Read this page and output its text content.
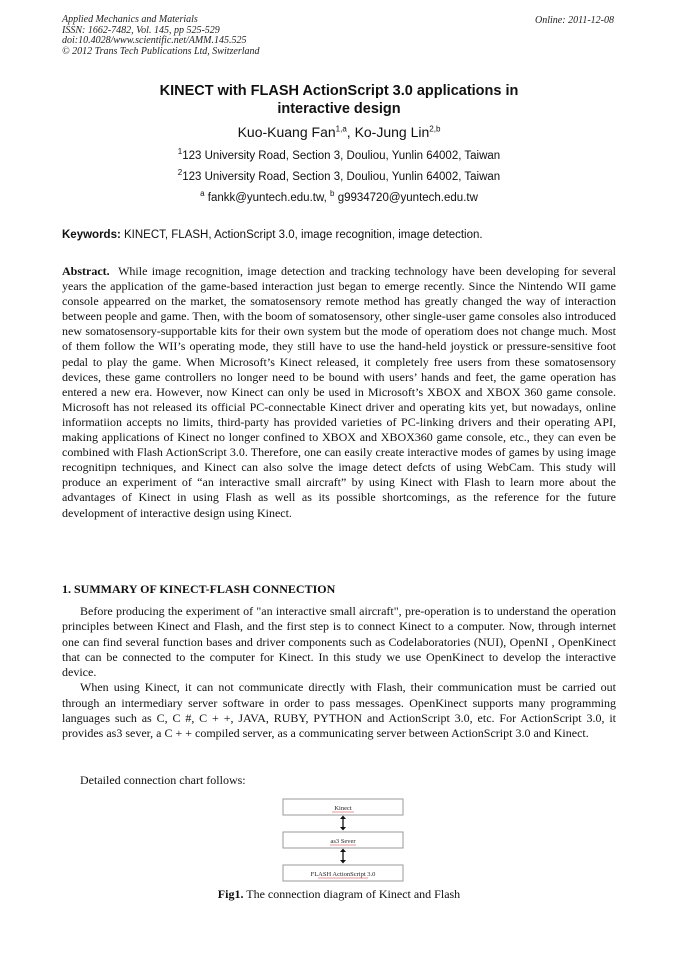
Applied Mechanics and Materials
ISSN: 1662-7482, Vol. 145, pp 525-529
doi:10.4028/www.scientific.net/AMM.145.525
© 2012 Trans Tech Publications Ltd, Switzerland
Online: 2011-12-08
KINECT with FLASH ActionScript 3.0 applications in
interactive design
Kuo-Kuang Fan$^{1,a}$, Ko-Jung Lin$^{2,b}$
$^1$123 University Road, Section 3, Douliou, Yunlin 64002, Taiwan
$^2$123 University Road, Section 3, Douliou, Yunlin 64002, Taiwan
$^a$ fankk@yuntech.edu.tw, $^b$ g9934720@yuntech.edu.tw
Keywords: KINECT, FLASH, ActionScript 3.0, image recognition, image detection.
Abstract. While image recognition, image detection and tracking technology have been developing for several years the application of the game-based interaction just began to emerge recently. Since the Nintendo WII game console appearred on the market, the somatosensory remote method has greatly changed the way of interaction between people and game. Then, with the boom of somatosensory, other single-user game consoles also introduced new somatosensory-supportable kits for their own system but the mode of operatiom does not change much. Most of them follow the WII’s operating mode, they still have to use the hand-held joystick or pressure-sensitive foot pedal to play the game. When Microsoft’s Kinect released, it completely free users from these somatosensory devices, these game controllers no longer need to be bound with users’ hands and feet, the game operation has entered a new era. However, now Kinect can only be used in Microsoft’s XBOX and XBOX 360 game console. Microsoft has not released its official PC-connectable Kinect driver and operating kits yet, but nowadays, online informatiion accepts no limits, third-party has provided varieties of PC-linking drivers and their operating API, making applications of Kinect no longer confined to XBOX and XBOX360 game console, etc., they can even be combined with Flash ActionScript 3.0. Therefore, one can easily create interactive modes of games by using image recognitipn techniques, and Kinect can also solve the image detect defcts of using WebCam. This study will produce an experiment of “an interactive small aircraft” by using Kinect with Flash to learn more about the advantages of Kinect in using Flash as well as its possible shortcomings, as the reference for the future development of interactive design using Kinect.
1. SUMMARY OF KINECT-FLASH CONNECTION

Before producing the experiment of "an interactive small aircraft", pre-operation is to understand the operation principles between Kinect and Flash, and the first step is to connect Kinect to a computer. Now, through internet one can find several function bases and driver components such as Codelaboratories (NUI), OpenNI , OpenKinect that can be connected to the computer for Kinect. In this study we use OpenKinect to develop the interactive device.

When using Kinect, it can not communicate directly with Flash, their communication must be carried out through an intermediary server software in order to pass messages. OpenKinect supports many programming languages such as C, C #, C + +, JAVA, RUBY, PYTHON and ActionScript 3.0, etc. For ActionScript 3.0, it provides as3 sever, a C + + compiled server, as a communicating server between ActionScript 3.0 and Kinect.

Detailed connection chart follows:

Kinect
as3 Sever
FLASH ActionScript 3.0
Fig1. The connection diagram of Kinect and Flash
